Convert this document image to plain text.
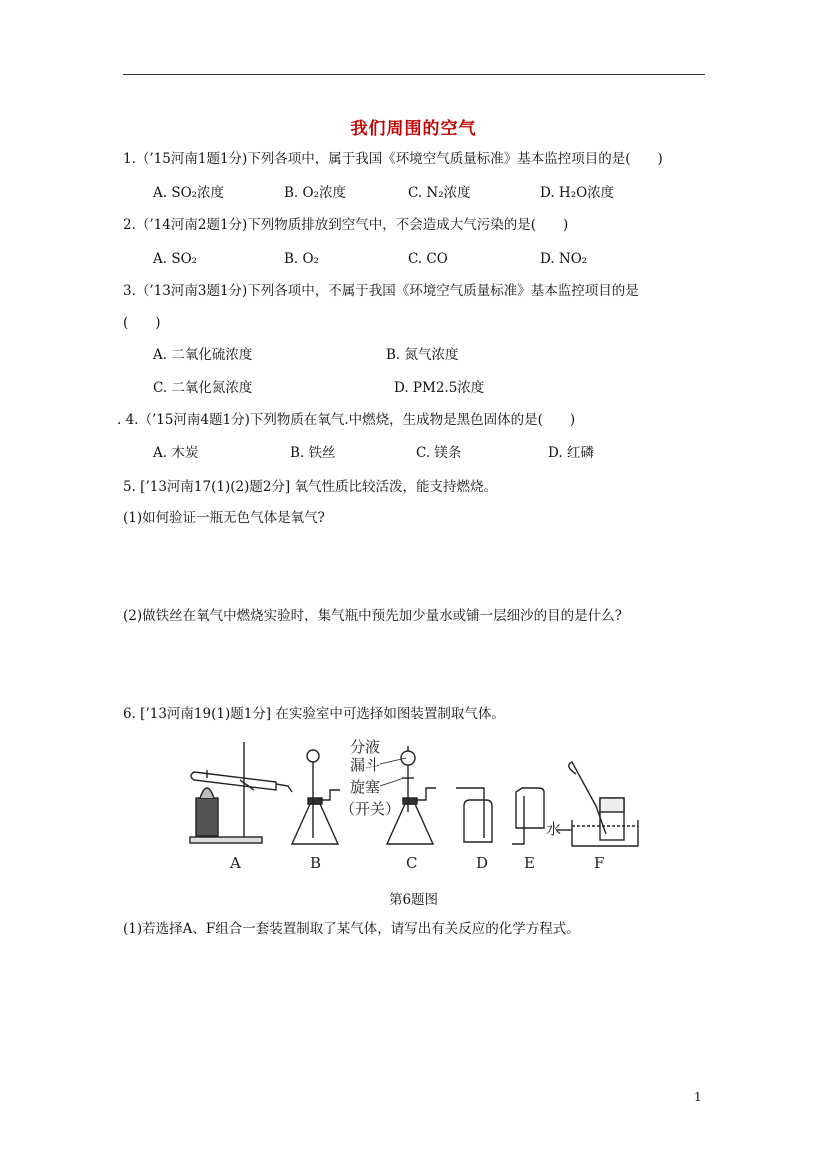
我们周围的空气
1.（’15河南1题1分)下列各项中，属于我国《环境空气质量标准》基本监控项目的是(　　)
A. SO₂浓度	B. O₂浓度	C. N₂浓度	D. H₂O浓度
2.（’14河南2题1分)下列物质排放到空气中，不会造成大气污染的是(　　)
A. SO₂	B. O₂	C. CO	D. NO₂
3.（’13河南3题1分)下列各项中，不属于我国《环境空气质量标准》基本监控项目的是
(　　)
A. 二氧化硫浓度	B. 氮气浓度
C. 二氧化氮浓度	D. PM2.5浓度
. 4.（’15河南4题1分)下列物质在氧气.中燃烧，生成物是黑色固体的是(　　)
A. 木炭	B. 铁丝	C. 镁条	D. 红磷
5. [’13河南17(1)(2)题2分] 氧气性质比较活泼，能支持燃烧。
(1)如何验证一瓶无色气体是氧气?
(2)做铁丝在氧气中燃烧实验时，集气瓶中预先加少量水或铺一层细沙的目的是什么?
6. [’13河南19(1)题1分] 在实验室中可选择如图装置制取气体。
分液
漏斗
旋塞
（开关）
水
A	B	C	D E	F
第6题图
(1)若选择A、F组合一套装置制取了某气体，请写出有关反应的化学方程式。
1
